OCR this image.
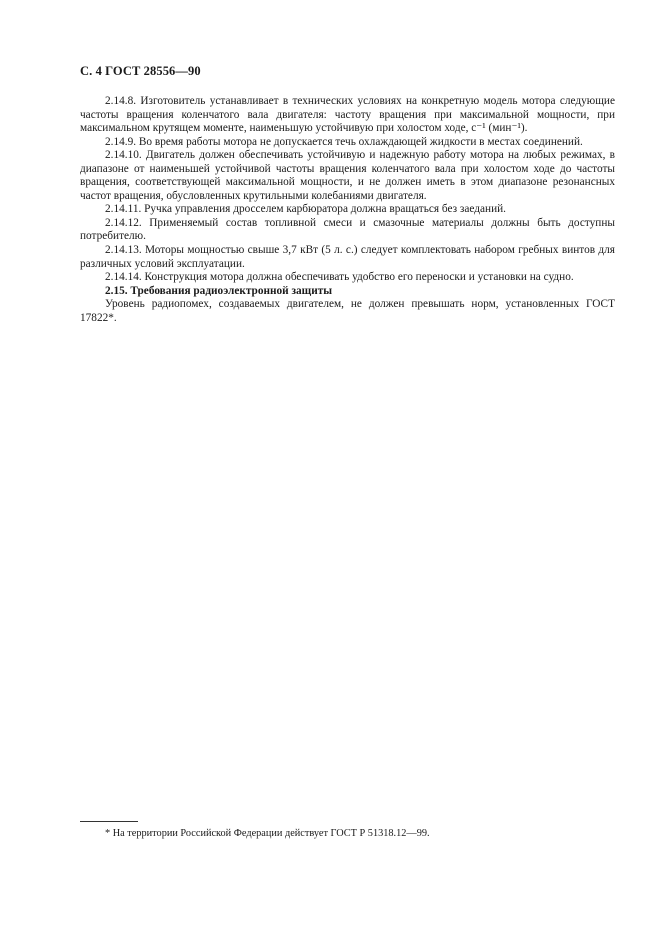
С. 4 ГОСТ 28556—90

2.14.8. Изготовитель устанавливает в технических условиях на конкретную модель мотора следующие частоты вращения коленчатого вала двигателя: частоту вращения при максимальной мощности, при максимальном крутящем моменте, наименьшую устойчивую при холостом ходе, с⁻¹ (мин⁻¹).

2.14.9. Во время работы мотора не допускается течь охлаждающей жидкости в местах соединений.

2.14.10. Двигатель должен обеспечивать устойчивую и надежную работу мотора на любых режимах, в диапазоне от наименьшей устойчивой частоты вращения коленчатого вала при холостом ходе до частоты вращения, соответствующей максимальной мощности, и не должен иметь в этом диапазоне резонансных частот вращения, обусловленных крутильными колебаниями двигателя.

2.14.11. Ручка управления дросселем карбюратора должна вращаться без заеданий.

2.14.12. Применяемый состав топливной смеси и смазочные материалы должны быть доступны потребителю.

2.14.13. Моторы мощностью свыше 3,7 кВт (5 л. с.) следует комплектовать набором гребных винтов для различных условий эксплуатации.

2.14.14. Конструкция мотора должна обеспечивать удобство его переноски и установки на судно.

2.15. Требования радиоэлектронной защиты

Уровень радиопомех, создаваемых двигателем, не должен превышать норм, установленных ГОСТ 17822*.

* На территории Российской Федерации действует ГОСТ Р 51318.12—99.
